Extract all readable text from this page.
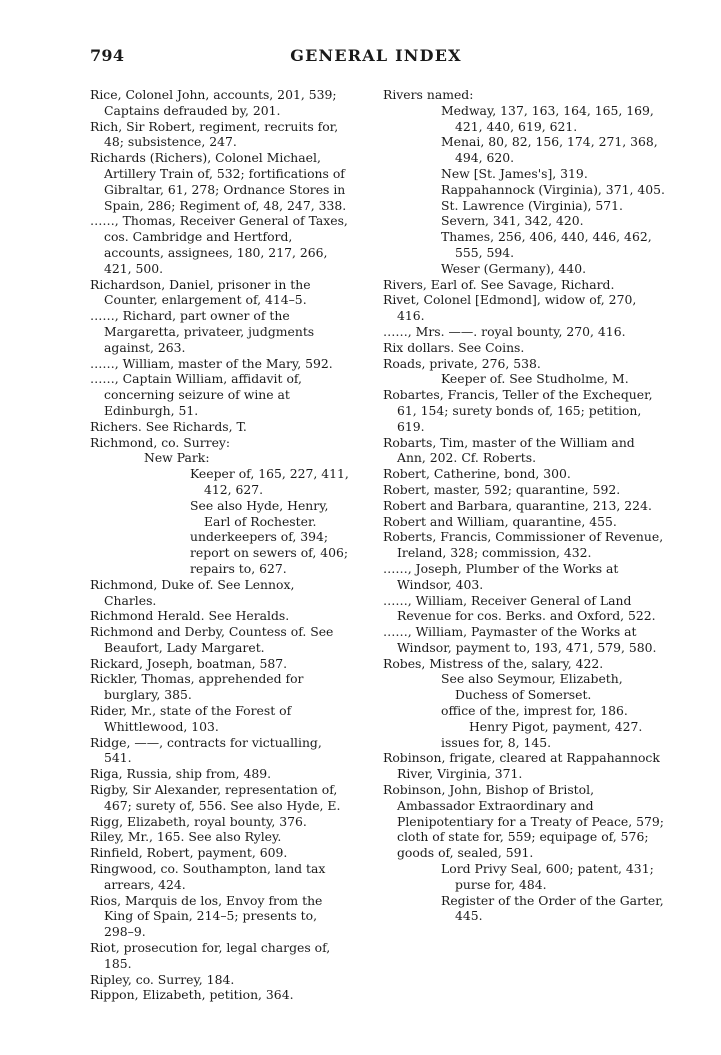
794	GENERAL INDEX

Rice, Colonel John, accounts, 201, 539; Captains defrauded by, 201.

Rich, Sir Robert, regiment, recruits for, 48; subsistence, 247.

Richards (Richers), Colonel Michael, Artillery Train of, 532; fortifications of Gibraltar, 61, 278; Ordnance Stores in Spain, 286; Regiment of, 48, 247, 338.

……, Thomas, Receiver General of Taxes, cos. Cambridge and Hertford, accounts, assignees, 180, 217, 266, 421, 500.

Richardson, Daniel, prisoner in the Counter, enlargement of, 414–5.

……, Richard, part owner of the Margaretta, privateer, judgments against, 263.

……, William, master of the Mary, 592.

……, Captain William, affidavit of, concerning seizure of wine at Edinburgh, 51.

Richers. See Richards, T.

Richmond, co. Surrey:

New Park:

Keeper of, 165, 227, 411, 412, 627.

See also Hyde, Henry, Earl of Rochester.

underkeepers of, 394;

report on sewers of, 406;

repairs to, 627.

Richmond, Duke of. See Lennox, Charles.

Richmond Herald. See Heralds.

Richmond and Derby, Countess of. See Beaufort, Lady Margaret.

Rickard, Joseph, boatman, 587.

Rickler, Thomas, apprehended for burglary, 385.

Rider, Mr., state of the Forest of Whittlewood, 103.

Ridge, ——, contracts for victualling, 541.

Riga, Russia, ship from, 489.

Rigby, Sir Alexander, representation of, 467; surety of, 556. See also Hyde, E.

Rigg, Elizabeth, royal bounty, 376.

Riley, Mr., 165. See also Ryley.

Rinfield, Robert, payment, 609.

Ringwood, co. Southampton, land tax arrears, 424.

Rios, Marquis de los, Envoy from the King of Spain, 214–5; presents to, 298–9.

Riot, prosecution for, legal charges of, 185.

Ripley, co. Surrey, 184.

Rippon, Elizabeth, petition, 364.

Rivers named:

Medway, 137, 163, 164, 165, 169, 421, 440, 619, 621.

Menai, 80, 82, 156, 174, 271, 368, 494, 620.

New [St. James's], 319.

Rappahannock (Virginia), 371, 405.

St. Lawrence (Virginia), 571.

Severn, 341, 342, 420.

Thames, 256, 406, 440, 446, 462, 555, 594.

Weser (Germany), 440.

Rivers, Earl of. See Savage, Richard.

Rivet, Colonel [Edmond], widow of, 270, 416.

……, Mrs. ——. royal bounty, 270, 416.

Rix dollars. See Coins.

Roads, private, 276, 538.

Keeper of. See Studholme, M.

Robartes, Francis, Teller of the Exchequer, 61, 154; surety bonds of, 165; petition, 619.

Robarts, Tim, master of the William and Ann, 202. Cf. Roberts.

Robert, Catherine, bond, 300.

Robert, master, 592; quarantine, 592.

Robert and Barbara, quarantine, 213, 224.

Robert and William, quarantine, 455.

Roberts, Francis, Commissioner of Revenue, Ireland, 328; commission, 432.

……, Joseph, Plumber of the Works at Windsor, 403.

……, William, Receiver General of Land Revenue for cos. Berks. and Oxford, 522.

……, William, Paymaster of the Works at Windsor, payment to, 193, 471, 579, 580.

Robes, Mistress of the, salary, 422.

See also Seymour, Elizabeth, Duchess of Somerset.

office of the, imprest for, 186.

Henry Pigot, payment, 427.

issues for, 8, 145.

Robinson, frigate, cleared at Rappahannock River, Virginia, 371.

Robinson, John, Bishop of Bristol, Ambassador Extraordinary and Plenipotentiary for a Treaty of Peace, 579; cloth of state for, 559; equipage of, 576; goods of, sealed, 591.

Lord Privy Seal, 600; patent, 431; purse for, 484.

Register of the Order of the Garter, 445.
